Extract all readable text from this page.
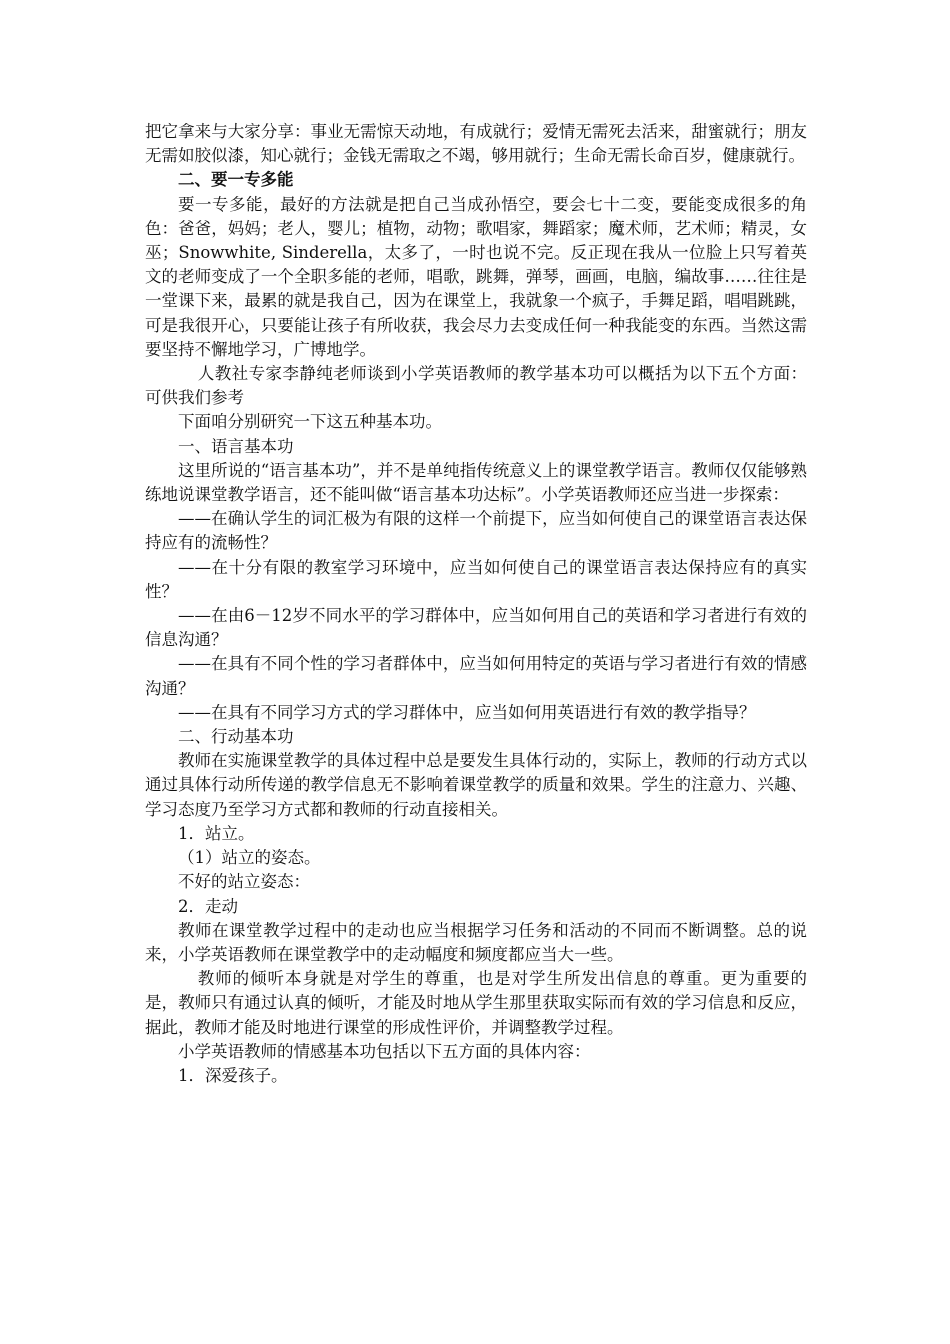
把它拿来与大家分享：事业无需惊天动地，有成就行；爱情无需死去活来，甜蜜就行；朋友无需如胶似漆，知心就行；金钱无需取之不竭，够用就行；生命无需长命百岁，健康就行。

二、要一专多能

要一专多能，最好的方法就是把自己当成孙悟空，要会七十二变，要能变成很多的角色：爸爸，妈妈；老人，婴儿；植物，动物；歌唱家，舞蹈家；魔术师，艺术师；精灵，女巫；Snowwhite, Sinderella，太多了，一时也说不完。反正现在我从一位脸上只写着英文的老师变成了一个全职多能的老师，唱歌，跳舞，弹琴，画画，电脑，编故事……往往是一堂课下来，最累的就是我自己，因为在课堂上，我就象一个疯子，手舞足蹈，唱唱跳跳，可是我很开心，只要能让孩子有所收获，我会尽力去变成任何一种我能变的东西。当然这需要坚持不懈地学习，广博地学。

人教社专家李静纯老师谈到小学英语教师的教学基本功可以概括为以下五个方面：可供我们参考

下面咱分别研究一下这五种基本功。

一、语言基本功

这里所说的“语言基本功”，并不是单纯指传统意义上的课堂教学语言。教师仅仅能够熟练地说课堂教学语言，还不能叫做“语言基本功达标”。小学英语教师还应当进一步探索：

——在确认学生的词汇极为有限的这样一个前提下，应当如何使自己的课堂语言表达保持应有的流畅性？

——在十分有限的教室学习环境中，应当如何使自己的课堂语言表达保持应有的真实性？

——在由6－12岁不同水平的学习群体中，应当如何用自己的英语和学习者进行有效的信息沟通？

——在具有不同个性的学习者群体中，应当如何用特定的英语与学习者进行有效的情感沟通？

——在具有不同学习方式的学习群体中，应当如何用英语进行有效的教学指导？

二、行动基本功

教师在实施课堂教学的具体过程中总是要发生具体行动的，实际上，教师的行动方式以通过具体行动所传递的教学信息无不影响着课堂教学的质量和效果。学生的注意力、兴趣、学习态度乃至学习方式都和教师的行动直接相关。

1．站立。

（1）站立的姿态。

不好的站立姿态：

2．走动

教师在课堂教学过程中的走动也应当根据学习任务和活动的不同而不断调整。总的说来，小学英语教师在课堂教学中的走动幅度和频度都应当大一些。

教师的倾听本身就是对学生的尊重，也是对学生所发出信息的尊重。更为重要的是，教师只有通过认真的倾听，才能及时地从学生那里获取实际而有效的学习信息和反应，据此，教师才能及时地进行课堂的形成性评价，并调整教学过程。

小学英语教师的情感基本功包括以下五方面的具体内容：

1．深爱孩子。
